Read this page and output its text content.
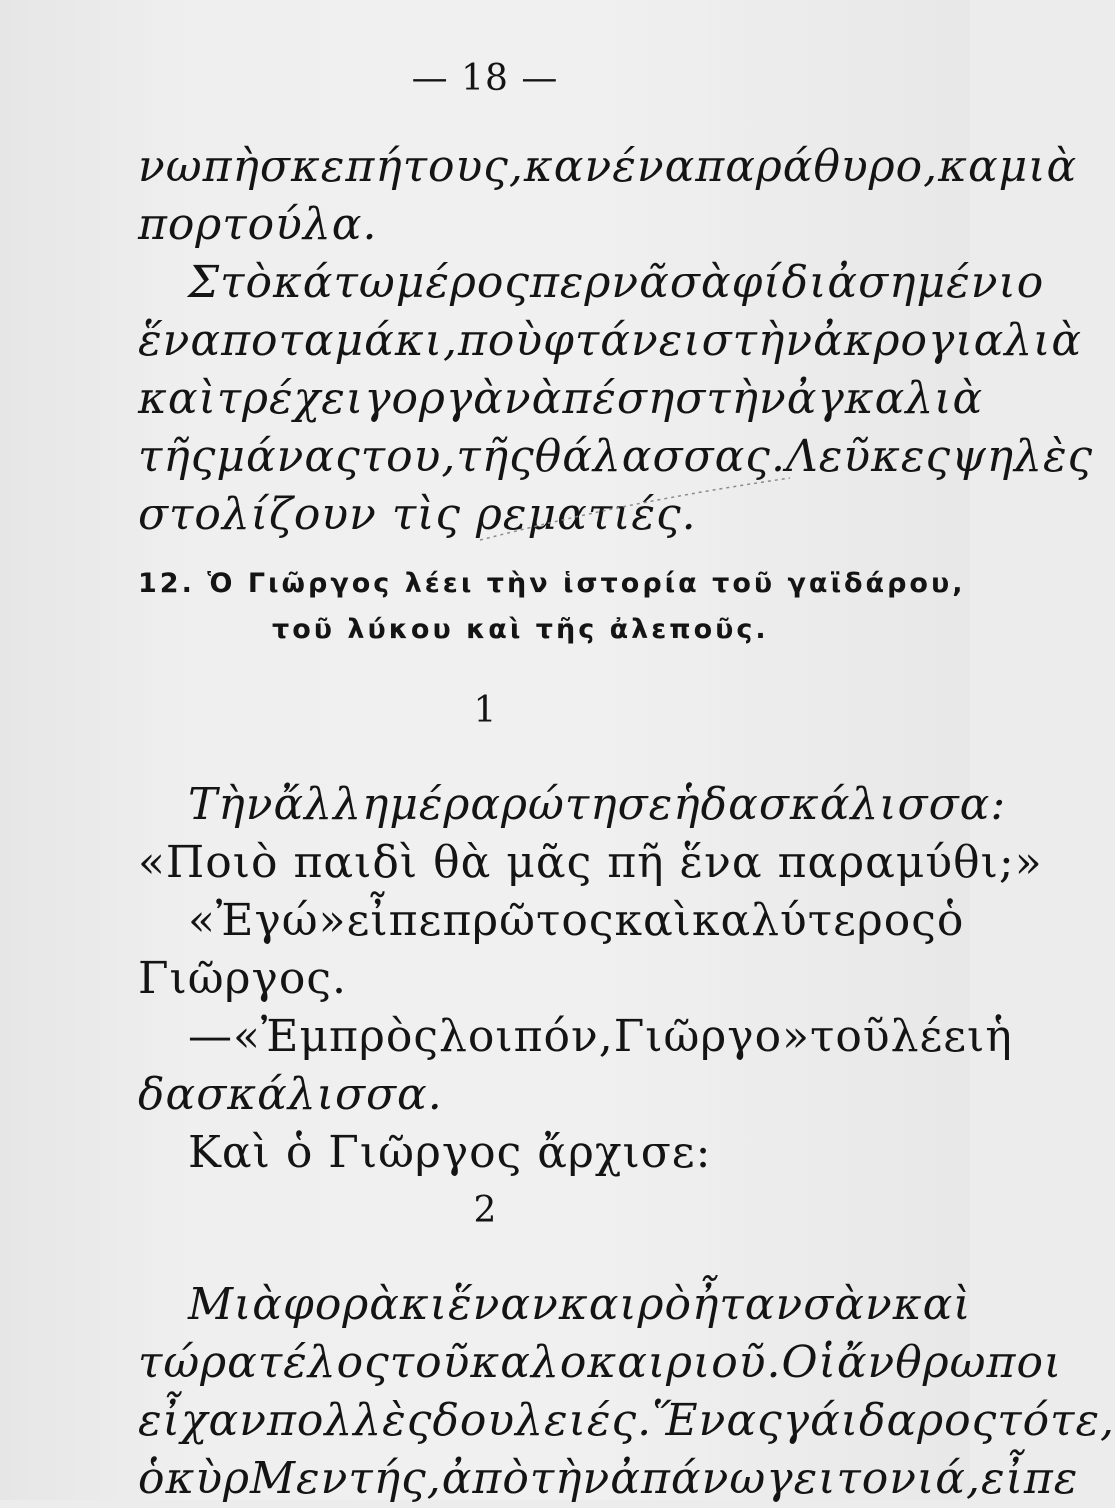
— 18 —
νωπὴ σκεπή τους, κανένα παράθυρο, καμιὰ
πορτούλα.
Στὸ κάτω μέρος περνᾶ σὰ φίδι ἀσημένιο
ἕνα ποταμάκι, ποὺ φτάνει στὴν ἀκρογιαλιὰ
καὶ τρέχει γοργὰ νὰ πέση στὴν ἀγκαλιὰ
τῆς μάνας του, τῆς θάλασσας. Λεῦκες ψηλὲς
στολίζουν τὶς ρεματιές.
12. Ὁ Γιῶργος λέει τὴν ἱστορία τοῦ γαϊδάρου,
τοῦ λύκου καὶ τῆς ἀλεποῦς.
1
Τὴν ἄλλη μέρα ρώτησε ἡ δασκάλισσα:
«Ποιὸ παιδὶ θὰ μᾶς πῆ ἕνα παραμύθι;»
«Ἐγώ» εἶπε πρῶτος καὶ καλύτερος ὁ
Γιῶργος.
—«Ἐμπρὸς λοιπόν, Γιῶργο» τοῦ λέει ἡ
δασκάλισσα.
Καὶ ὁ Γιῶργος ἄρχισε:
2
Μιὰ φορὰ κι ἕναν καιρὸ ἦταν σὰν καὶ
τώρα τέλος τοῦ καλοκαιριοῦ. Οἱ ἄνθρωποι
εἶχαν πολλὲς δουλειές. Ἕνας γάιδαρος τότε,
ὁ κὺρ Μεντής, ἀπὸ τὴν ἀπάνω γειτονιά, εἶπε
